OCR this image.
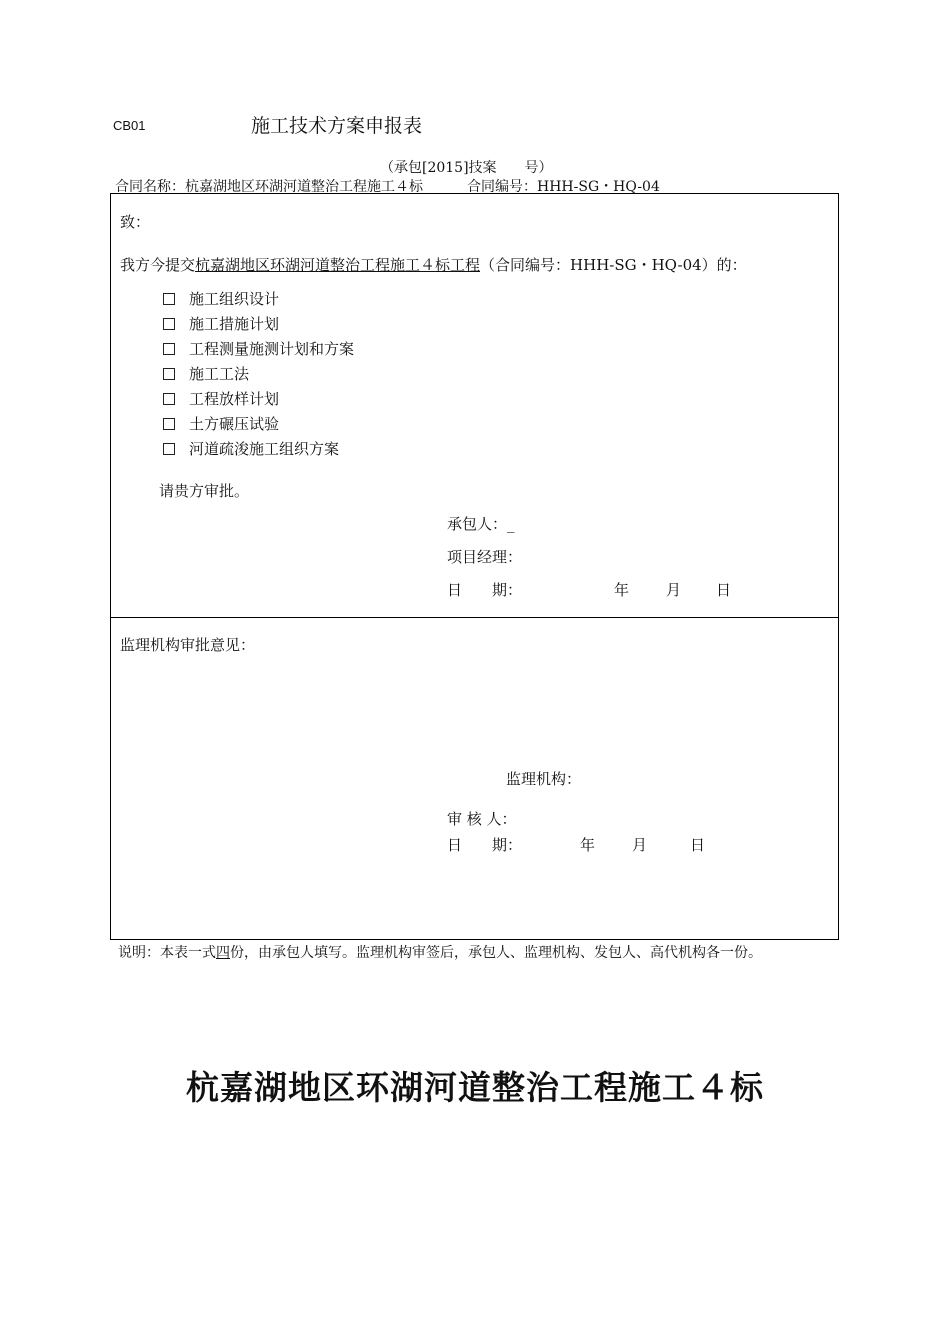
CB01	施工技术方案申报表
（承包[2015]技案　　号）
合同名称：杭嘉湖地区环湖河道整治工程施工４标	合同编号：HHH-SG・HQ-04
致：
我方今提交杭嘉湖地区环湖河道整治工程施工４标工程（合同编号：HHH-SG・HQ-04）的：
施工组织设计
施工措施计划
工程测量施测计划和方案
施工工法
工程放样计划
土方碾压试验
河道疏浚施工组织方案
请贵方审批。
承包人：_
项目经理：
日　　期：	年 月 日
监理机构审批意见：
监理机构：
审 核 人：
日　　期：	年 月	日
说明：本表一式四份，由承包人填写。监理机构审签后，承包人、监理机构、发包人、高代机构各一份。
杭嘉湖地区环湖河道整治工程施工４标
